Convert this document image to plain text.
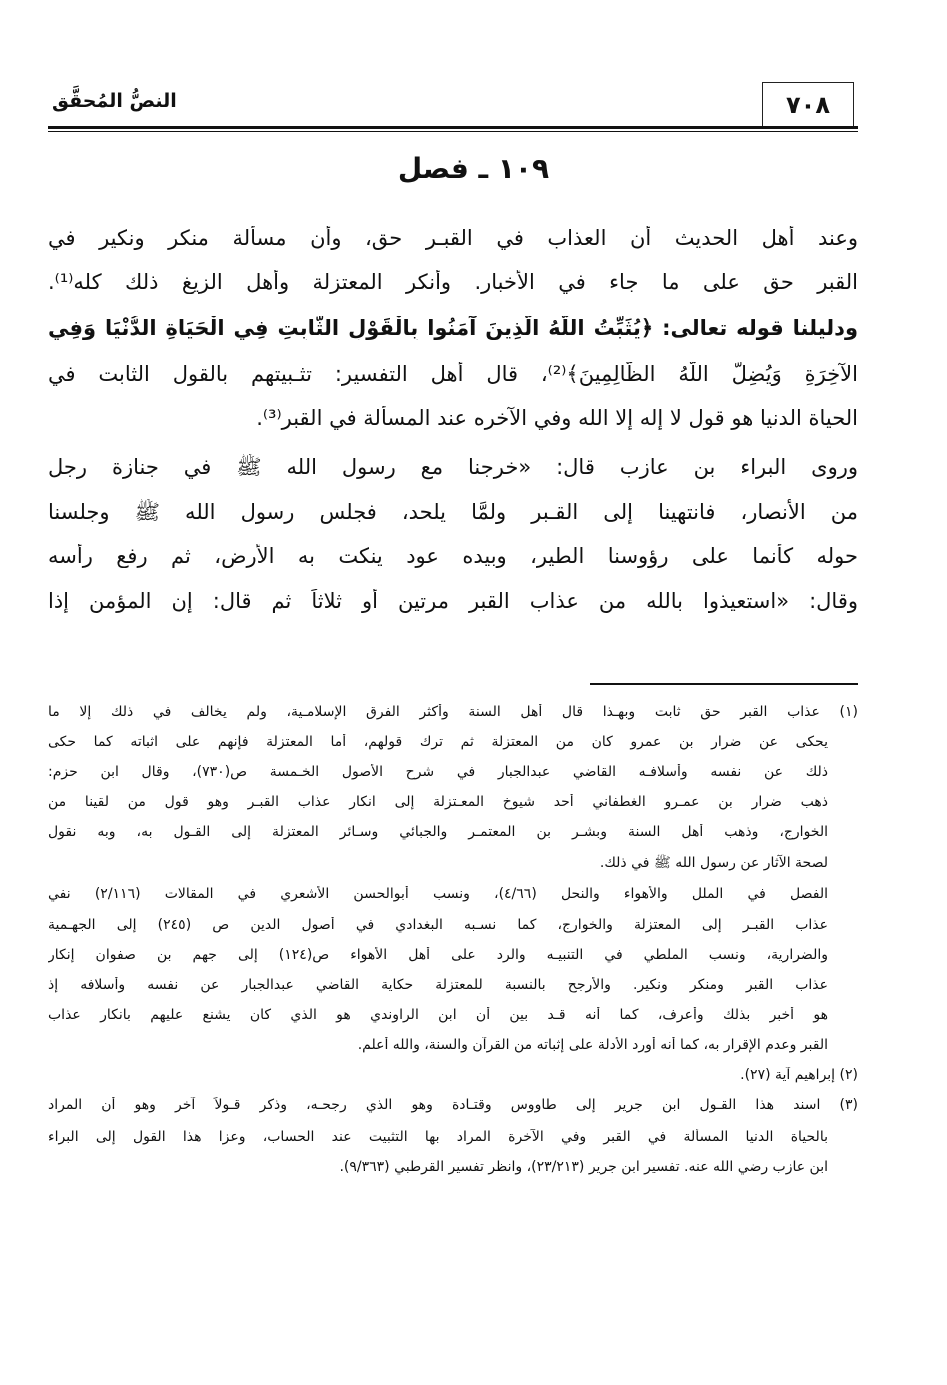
٧٠٨
النصُّ المُحقَّق
١٠٩ ـ فصل
وعند أهل الحديث أن العذاب في القبـر حق، وأن مسألة منكر ونكير في
القبر حق على ما جاء في الأخبار. وأنكر المعتزلة وأهل الزيغ ذلك كله⁽¹⁾.
ودليلنا قوله تعالى: ﴿يُثَبِّتُ اللَّهُ الَّذِينَ آمَنُوا بِالْقَوْلِ الثَّابِتِ فِي الْحَيَاةِ الدُّنْيَا وَفِي
الآخِرَةِ وَيُضِلُّ اللَّهُ الظَّالِمِينَ﴾⁽²⁾، قال أهل التفسير: تثـبيتهم بالقول الثابت في
الحياة الدنيا هو قول لا إله إلا الله وفي الآخره عند المسألة في القبر⁽³⁾.
وروى البراء بن عازب قال: «خرجنا مع رسول الله ﷺ في جنازة رجل
من الأنصار، فانتهينا إلى القـبر ولمَّا يلحد، فجلس رسول الله ﷺ وجلسنا
حوله كأنما على رؤوسنا الطير، وبيده عود ينكت به الأرض، ثم رفع رأسه
وقال: «استعيذوا بالله من عذاب القبر مرتين أو ثلاثاً ثم قال: إن المؤمن إذا
(١) عذاب القبر حق ثابت وبهـذا قال أهل السنة وأكثر الفرق الإسلامـية، ولم يخالف في ذلك إلا ما
يحكى عن ضرار بن عمرو كان من المعتزلة ثم ترك قولهم، أما المعتزلة فإنهم على اثباته كما حكى
ذلك عن نفسه وأسلافـه القاضي عبدالجبار في شرح الأصول الخـمسة ص(٧٣٠)، وقال ابن حزم:
ذهب ضرار بن عمـرو الغطفاني أحد شيوخ المعـتزلة إلى انكار عذاب القبـر وهو قول من لقينا من
الخوارج، وذهب أهل السنة وبشـر بن المعتمـر والجبائي وسـائر المعتزلة إلى القـول به، وبه نقول
لصحة الآثار عن رسول الله ﷺ في ذلك.
الفصل في الملل والأهواء والنحل (٤/٦٦)، ونسب أبوالحسن الأشعري في المقالات (٢/١١٦) نفي
عذاب القبـر إلى المعتزلة والخوارج، كما نسـبه البغدادي في أصول الدين ص (٢٤٥) إلى الجهـمية
والضرارية، ونسب الملطي في التنبيـه والرد على أهل الأهواء ص(١٢٤) إلى جهم بن صفوان إنكار
عذاب القبر ومنكر ونكير. والأرجح بالنسبة للمعتزلة حكاية القاضي عبدالجبار عن نفسه وأسلافه إذ
هو أخبر بذلك وأعرف، كما أنه قـد بين أن ابن الراوندي هو الذي كان يشنع عليهم بانكار عذاب
القبر وعدم الإقرار به، كما أنه أورد الأدلة على إثباته من القرآن والسنة، والله أعلم.
(٢) إبراهيم آية (٢٧).
(٣) اسند هذا القـول ابن جرير إلى طاووس وقتـادة وهو الذي رجحـه، وذكر قـولاً آخر وهو أن المراد
بالحياة الدنيا المسألة في القبر وفي الآخرة المراد بها التثبيت عند الحساب، وعزا هذا القول إلى البراء
ابن عازب رضي الله عنه. تفسير ابن جرير (٢٣/٢١٣)، وانظر تفسير القرطبي (٩/٣٦٣).
